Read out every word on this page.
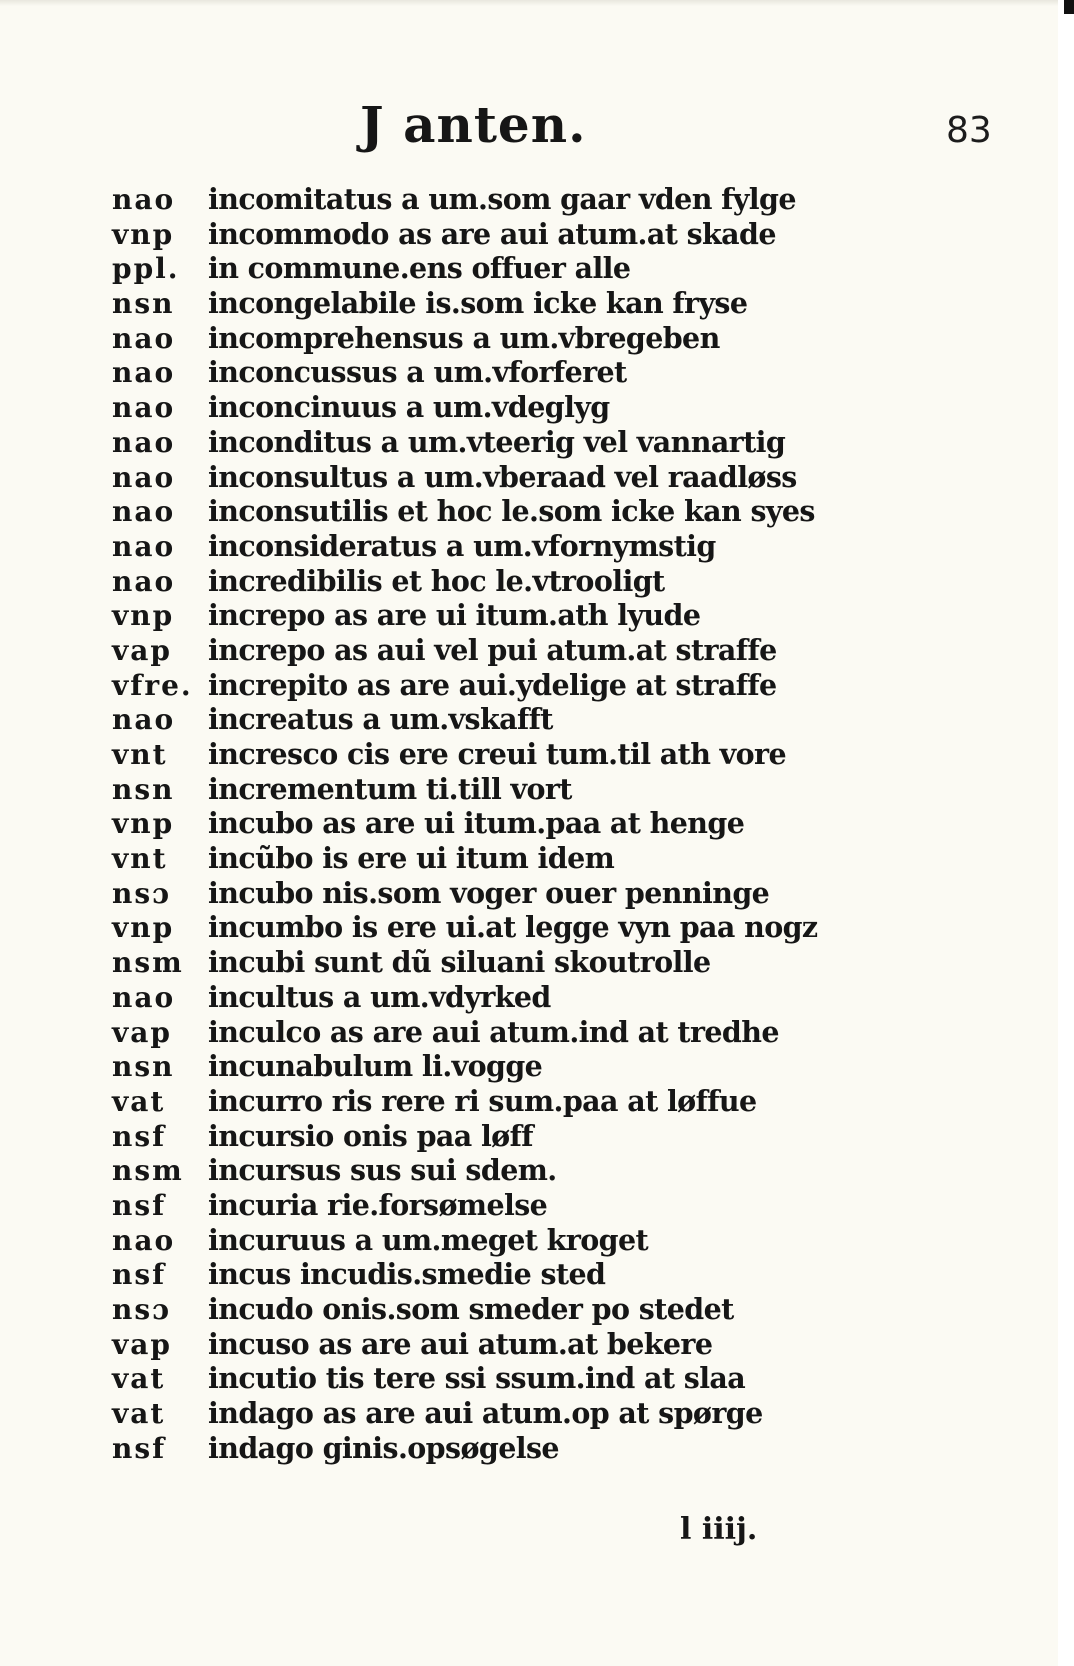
J anten.	83
nao	incomitatus a um.som gaar vden fylge
vnp	incommodo as are aui atum.at skade
ppl. in commune.ens offuer alle
nsn	incongelabile is.som icke kan fryse
nao	incomprehensus a um.vbregeben
nao	inconcussus a um.vforferet
nao	inconcinuus a um.vdeglyg
nao	inconditus a um.vteerig vel vannartig
nao	inconsultus a um.vberaad vel raadløss
nao	inconsutilis et hoc le.som icke kan syes
nao	inconsideratus a um.vfornymstig
nao	incredibilis et hoc le.vtrooligt
vnp	increpo as are ui itum.ath lyude
vap	increpo as aui vel pui atum.at straffe
vfre. increpito as are aui.ydelige at straffe
nao	increatus a um.vskafft
vnt	incresco cis ere creui tum.til ath vore
nsn	incrementum ti.till vort
vnp	incubo as are ui itum.paa at henge
vnt	incũbo is ere ui itum idem
nsɔ	incubo nis.som voger ouer penninge
vnp	incumbo is ere ui.at legge vyn paa nogz
nsm incubi sunt dũ siluani skoutrolle
nao	incultus a um.vdyrked
vap	inculco as are aui atum.ind at tredhe
nsn	incunabulum li.vogge
vat	incurro ris rere ri sum.paa at løffue
nsf	incursio onis paa løff
nsm incursus sus sui sdem.
nsf	incuria rie.forsømelse
nao	incuruus a um.meget kroget
nsf	incus incudis.smedie sted
nsɔ	incudo onis.som smeder po stedet
vap	incuso as are aui atum.at bekere
vat	incutio tis tere ssi ssum.ind at slaa
vat	indago as are aui atum.op at spørge
nsf	indago ginis.opsøgelse
l iiij.
